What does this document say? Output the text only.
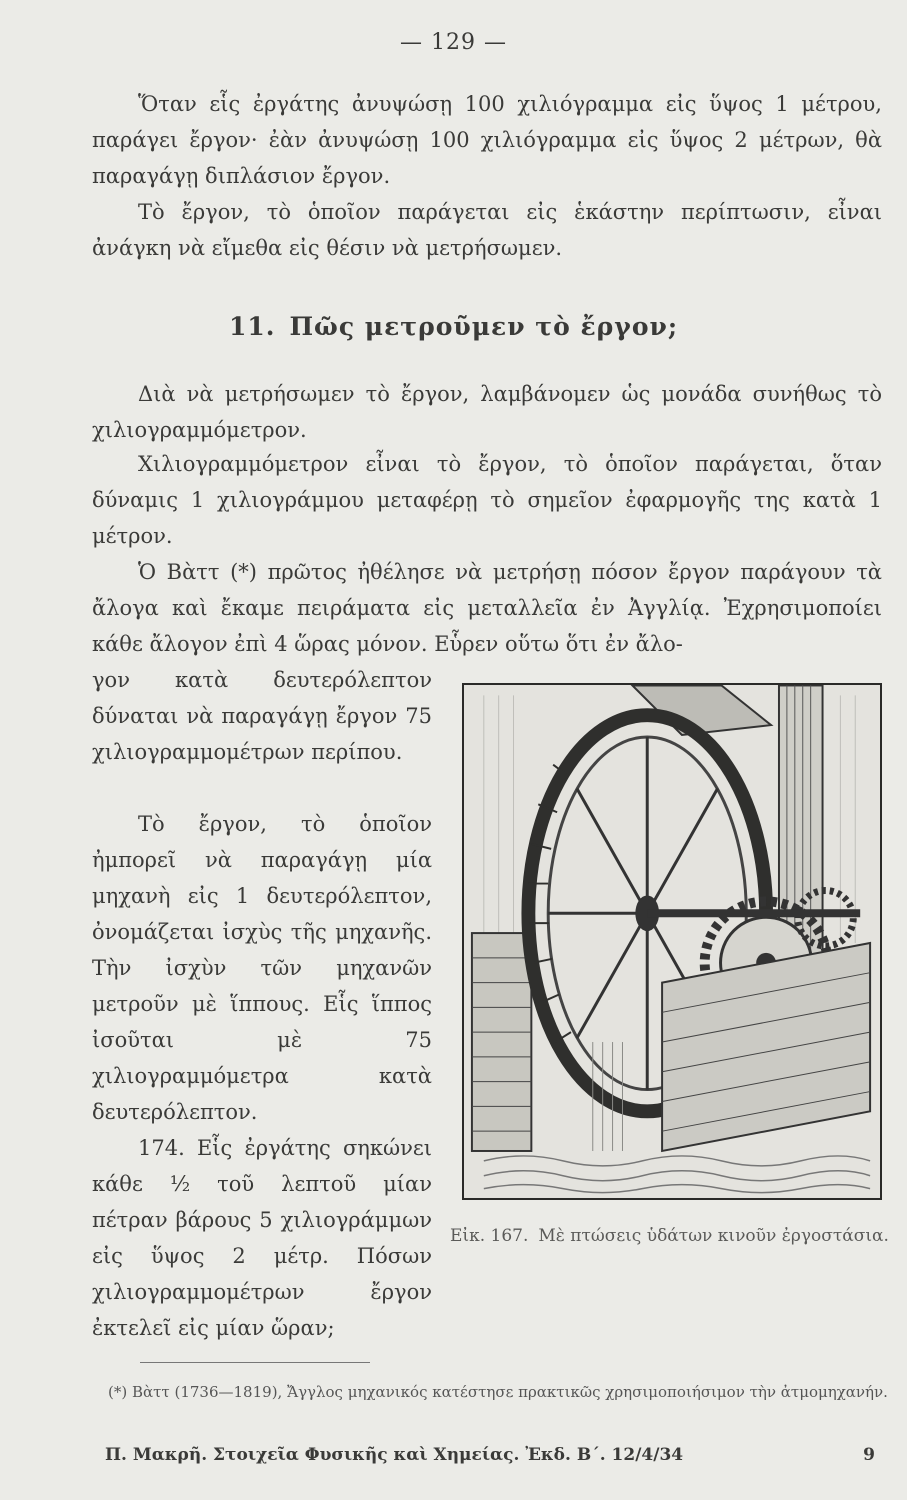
— 129 —
Ὅταν εἷς ἐργάτης ἀνυψώσῃ 100 χιλιόγραμμα εἰς ὕψος 1 μέτρου, παράγει ἔργον· ἐὰν ἀνυψώσῃ 100 χιλιόγραμμα εἰς ὕψος 2 μέτρων, θὰ παραγάγῃ διπλάσιον ἔργον.
Τὸ ἔργον, τὸ ὁποῖον παράγεται εἰς ἑκάστην περίπτωσιν, εἶναι ἀνάγκη νὰ εἴμεθα εἰς θέσιν νὰ μετρήσωμεν.
11. Πῶς μετροῦμεν τὸ ἔργον;
Διὰ νὰ μετρήσωμεν τὸ ἔργον, λαμβάνομεν ὡς μονάδα συνήθως τὸ χιλιογραμμόμετρον.
Χιλιογραμμόμετρον εἶναι τὸ ἔργον, τὸ ὁποῖον παράγεται, ὅταν δύναμις 1 χιλιογράμμου μεταφέρῃ τὸ σημεῖον ἐφαρμογῆς της κατὰ 1 μέτρον.
Ὁ Βὰττ (*) πρῶτος ἠθέλησε νὰ μετρήσῃ πόσον ἔργον παράγουν τὰ ἄλογα καὶ ἔκαμε πειράματα εἰς μεταλλεῖα ἐν Ἀγγλίᾳ. Ἐχρησιμοποίει κάθε ἄλογον ἐπὶ 4 ὥρας μόνον. Εὗρεν οὕτω ὅτι ἐν ἄλο-
γον κατὰ δευτερόλεπτον δύναται νὰ παραγάγῃ ἔργον 75 χιλιογραμμομέτρων περίπου.
Τὸ ἔργον, τὸ ὁποῖον ἠμπορεῖ νὰ παραγάγῃ μία μηχανὴ εἰς 1 δευτερόλεπτον, ὀνομάζεται ἰσχὺς τῆς μηχανῆς. Τὴν ἰσχὺν τῶν μηχανῶν μετροῦν μὲ ἵππους. Εἷς ἵππος ἰσοῦται μὲ 75 χιλιογραμμόμετρα κατὰ δευτερόλεπτον.
174. Εἷς ἐργάτης σηκώνει κάθε ½ τοῦ λεπτοῦ μίαν πέτραν βάρους 5 χιλιογράμμων εἰς ὕψος 2 μέτρ. Πόσων χιλιογραμμομέτρων ἔργον ἐκτελεῖ εἰς μίαν ὥραν;
Εἰκ. 167. Μὲ πτώσεις ὑδάτων κινοῦν ἐργοστάσια.
(*) Βὰττ (1736—1819), Ἄγγλος μηχανικός κατέστησε πρακτικῶς χρησιμοποιήσιμον τὴν ἀτμομηχανήν.
Π. Μακρῆ. Στοιχεῖα Φυσικῆς καὶ Χημείας. Ἐκδ. Β΄. 12/4/34	9
